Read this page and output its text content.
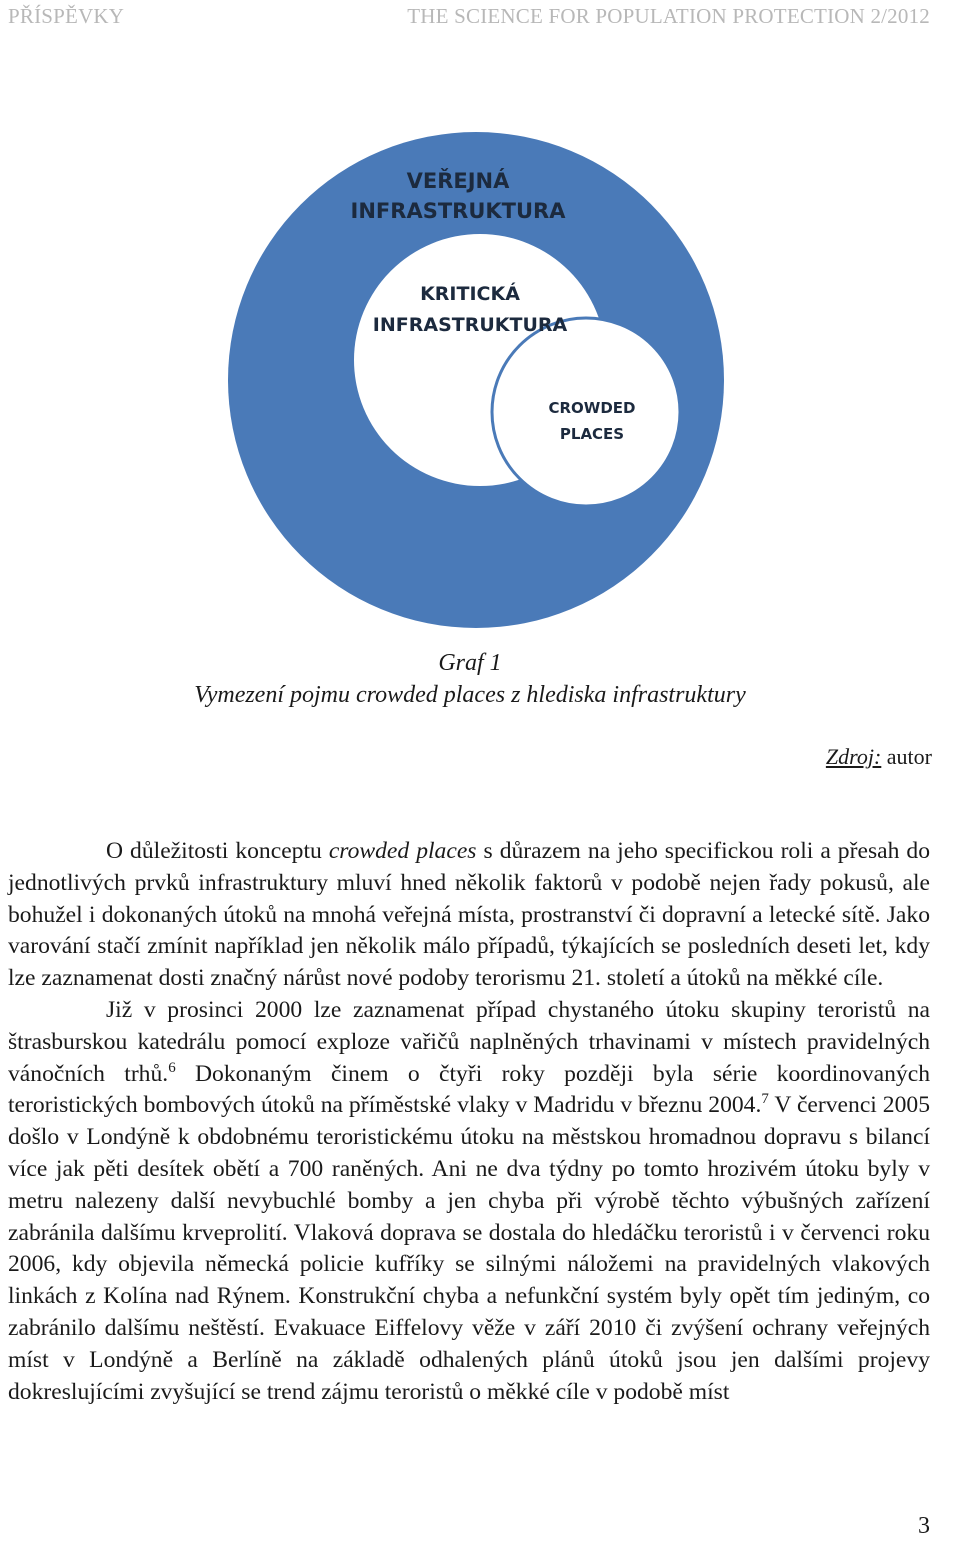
PŘÍSPĚVKY	THE SCIENCE FOR POPULATION PROTECTION 2/2012
VEŘEJNÁ
INFRASTRUKTURA
KRITICKÁ
INFRASTRUKTURA
CROWDED
PLACES
Graf 1
Vymezení pojmu crowded places z hlediska infrastruktury
Zdroj: autor

O důležitosti konceptu crowded places s důrazem na jeho specifickou roli a přesah do jednotlivých prvků infrastruktury mluví hned několik faktorů v podobě nejen řady pokusů, ale bohužel i dokonaných útoků na mnohá veřejná místa, prostranství či dopravní a letecké sítě. Jako varování stačí zmínit například jen několik málo případů, týkajících se posledních deseti let, kdy lze zaznamenat dosti značný nárůst nové podoby terorismu 21. století a útoků na měkké cíle.

Již v prosinci 2000 lze zaznamenat případ chystaného útoku skupiny teroristů na štrasburskou katedrálu pomocí exploze vařičů naplněných trhavinami v místech pravidelných vánočních trhů.$^6$ Dokonaným činem o čtyři roky později byla série koordinovaných teroristických bombových útoků na příměstské vlaky v Madridu v březnu 2004.$^7$ V červenci 2005 došlo v Londýně k obdobnému teroristickému útoku na městskou hromadnou dopravu s bilancí více jak pěti desítek obětí a 700 raněných. Ani ne dva týdny po tomto hrozivém útoku byly v metru nalezeny další nevybuchlé bomby a jen chyba při výrobě těchto výbušných zařízení zabránila dalšímu krveprolití. Vlaková doprava se dostala do hledáčku teroristů i v červenci roku 2006, kdy objevila německá policie kufříky se silnými náložemi na pravidelných vlakových linkách z Kolína nad Rýnem. Konstrukční chyba a nefunkční systém byly opět tím jediným, co zabránilo dalšímu neštěstí. Evakuace Eiffelovy věže v září 2010 či zvýšení ochrany veřejných míst v Londýně a Berlíně na základě odhalených plánů útoků jsou jen dalšími projevy dokreslujícími zvyšující se trend zájmu teroristů o měkké cíle v podobě míst

3
